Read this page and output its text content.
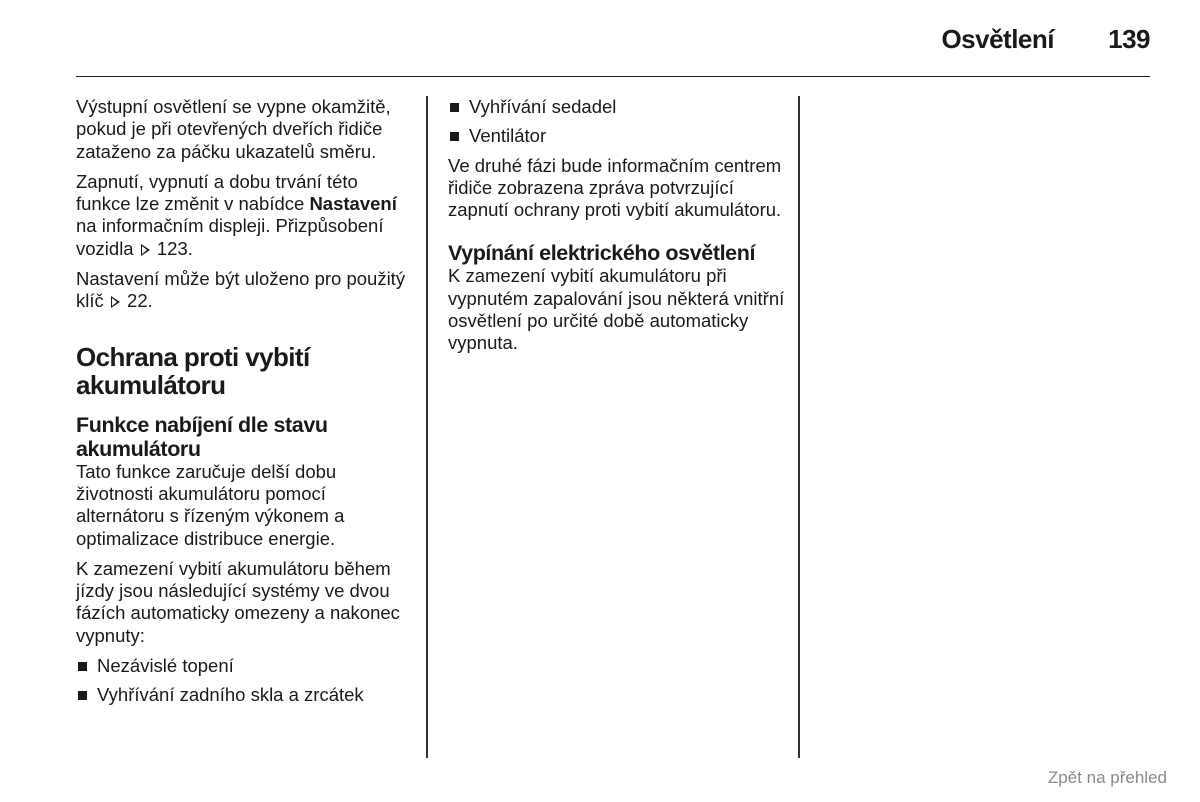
Osvětlení 139

Výstupní osvětlení se vypne okamžitě, pokud je při otevřených dveřích řidiče zataženo za páčku ukazatelů směru.

Zapnutí, vypnutí a dobu trvání této funkce lze změnit v nabídce Nastavení na informačním displeji. Přizpůsobení vozidla 123.

Nastavení může být uloženo pro použitý klíč 22.

Ochrana proti vybití akumulátoru
Funkce nabíjení dle stavu akumulátoru

Tato funkce zaručuje delší dobu životnosti akumulátoru pomocí alternátoru s řízeným výkonem a optimalizace distribuce energie.

K zamezení vybití akumulátoru během jízdy jsou následující systémy ve dvou fázích automaticky omezeny a nakonec vypnuty:

Nezávislé topení
Vyhřívání zadního skla a zrcátek
Vyhřívání sedadel
Ventilátor

Ve druhé fázi bude informačním centrem řidiče zobrazena zpráva potvrzující zapnutí ochrany proti vybití akumulátoru.

Vypínání elektrického osvětlení

K zamezení vybití akumulátoru při vypnutém zapalování jsou některá vnitřní osvětlení po určité době automaticky vypnuta.

Zpět na přehled
